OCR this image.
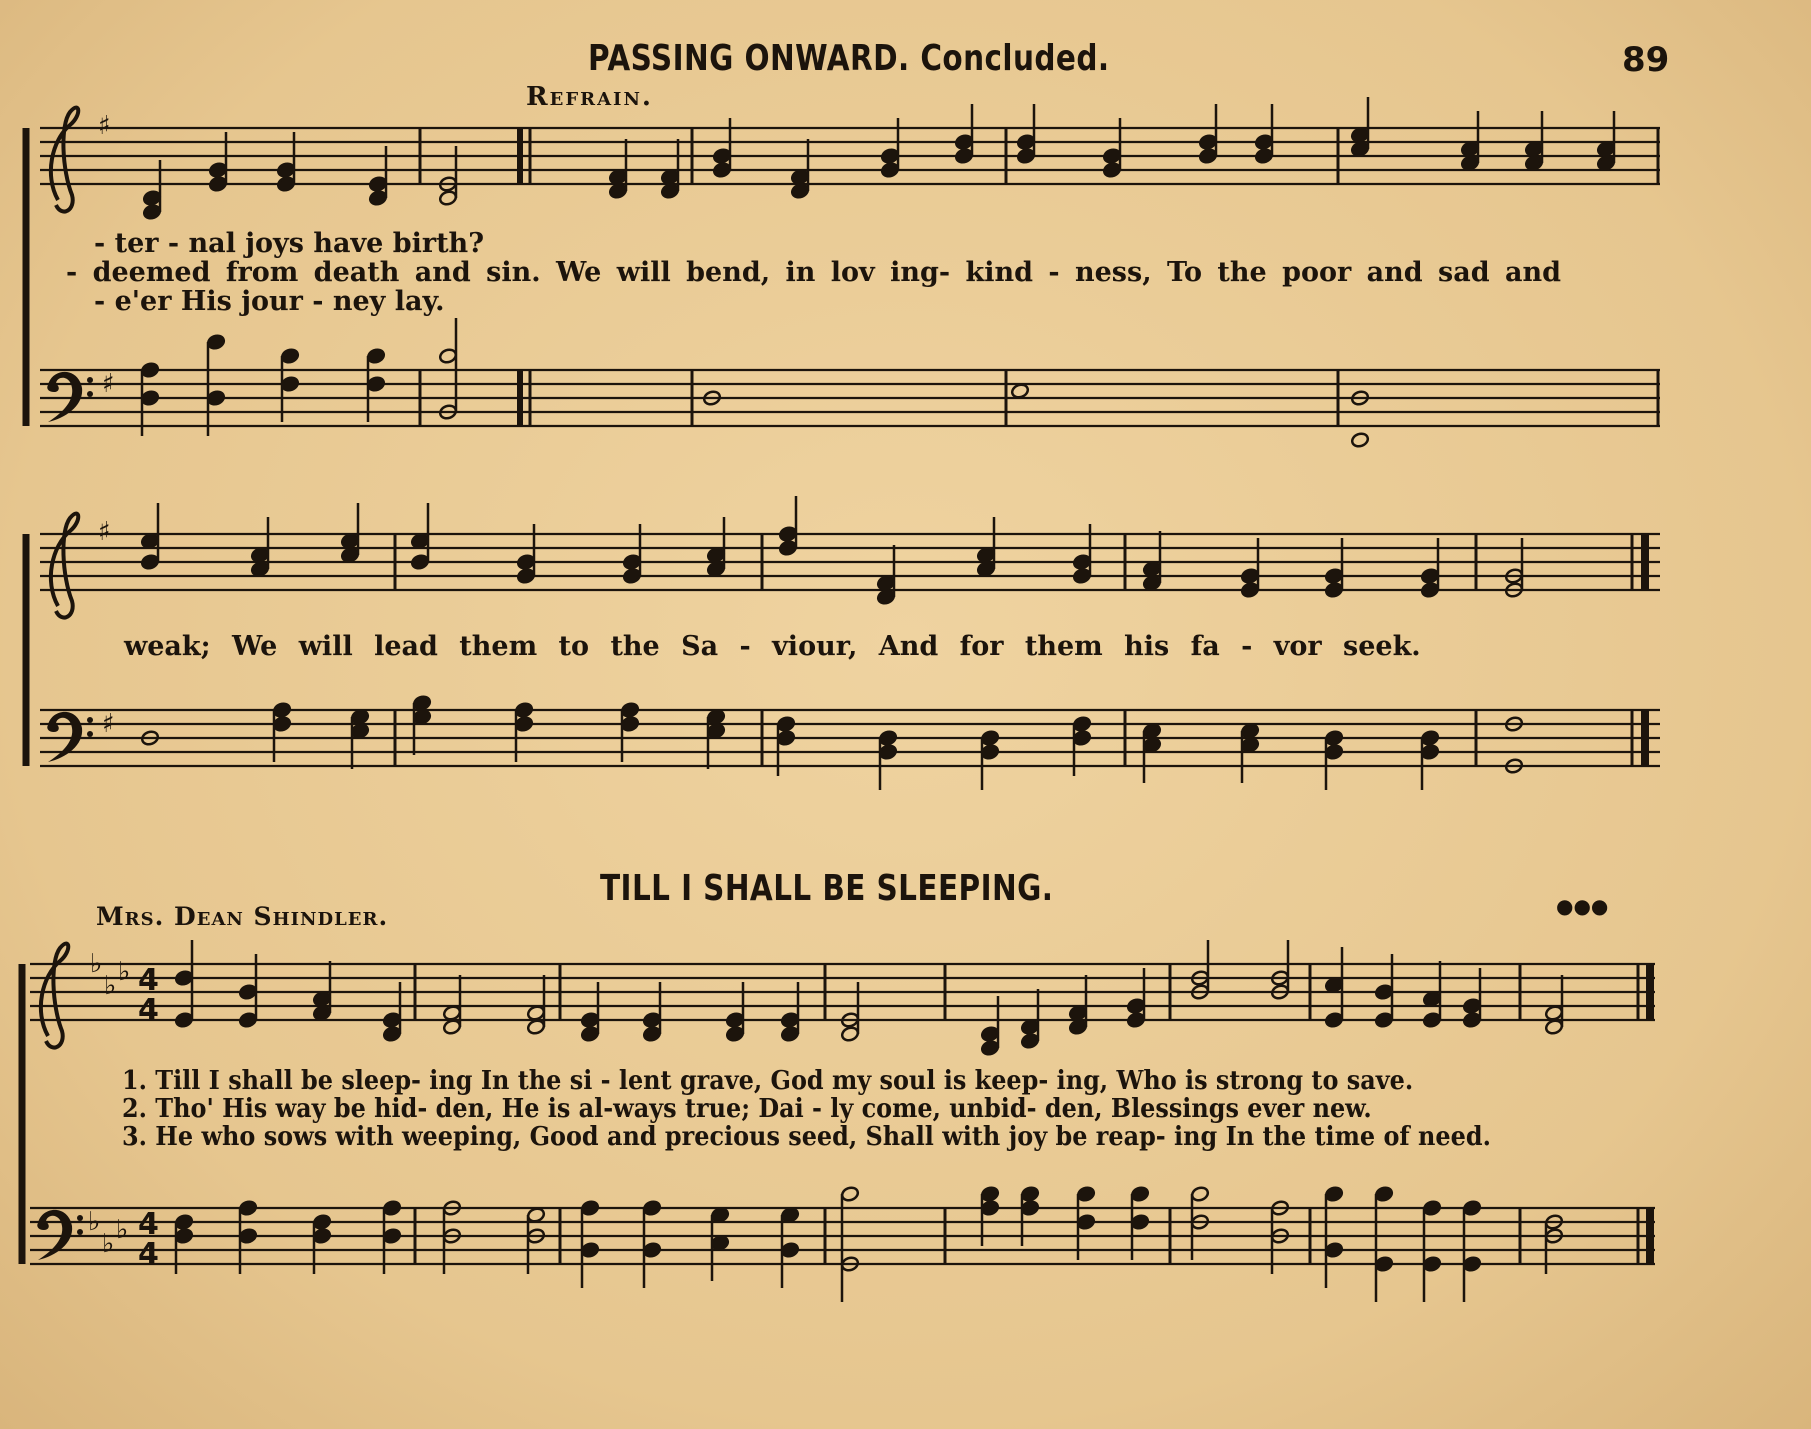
PASSING ONWARD. Concluded.	89
Refrain.
♯
♯
♯
♯
♭
♭ ♭
♭
♭ ♭
4
4
4
4
- ter - nal joys have birth?
- deemed from death and sin. We will bend, in lov ing- kind - ness, To the poor and sad and
- e'er His jour - ney lay.
weak; We will lead them to the Sa - viour, And for them his fa - vor seek.
TILL I SHALL BE SLEEPING.
Mrs. Dean Shindler.	●●●
1. Till I shall be sleep- ing In the si - lent grave, God my soul is keep- ing, Who is strong to save.
2. Tho' His way be hid- den, He is al-ways true; Dai - ly come, unbid- den, Blessings ever new.
3. He who sows with weeping, Good and precious seed, Shall with joy be reap- ing In the time of need.
